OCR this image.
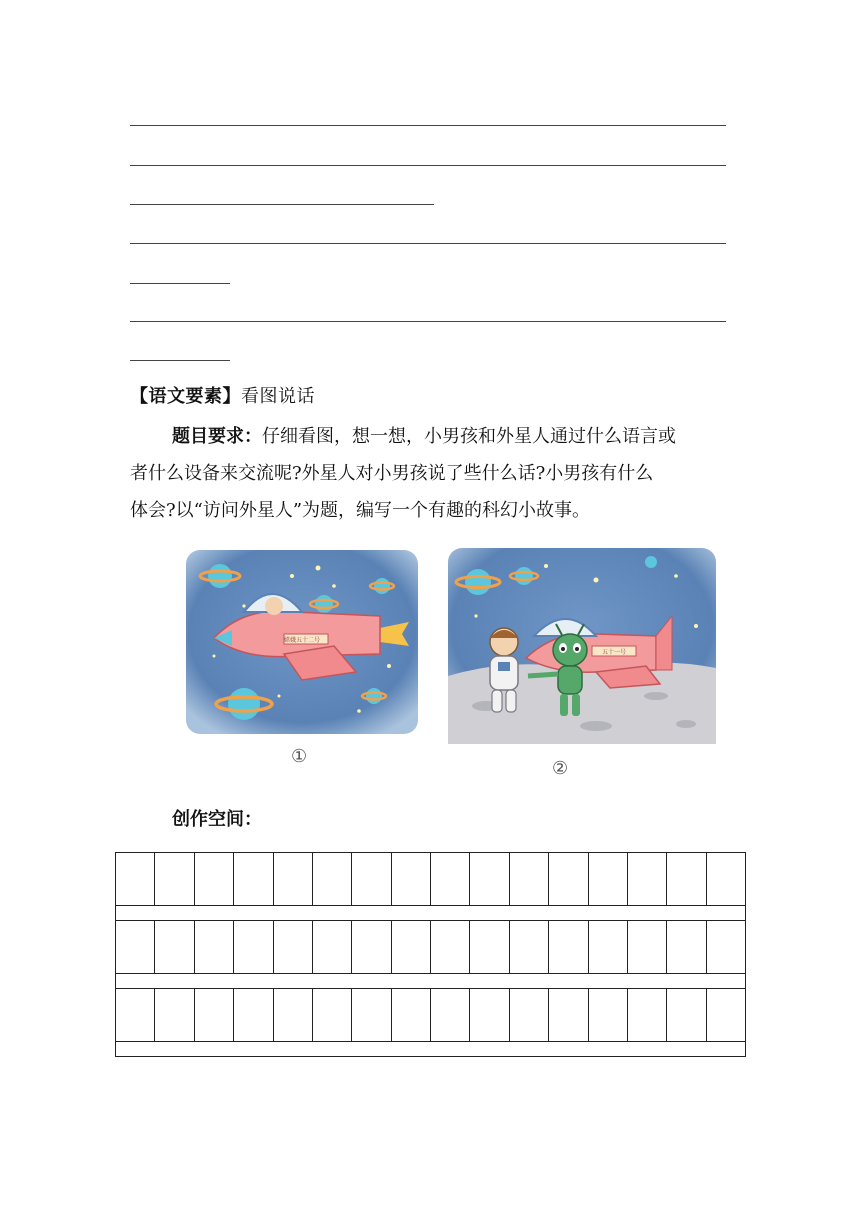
【语文要素】看图说话

题目要求：仔细看图，想一想，小男孩和外星人通过什么语言或

者什么设备来交流呢?外星人对小男孩说了些什么话?小男孩有什么

体会?以“访问外星人”为题，编写一个有趣的科幻小故事。

嫦娥五十二号
①
五十一号
②
创作空间：
